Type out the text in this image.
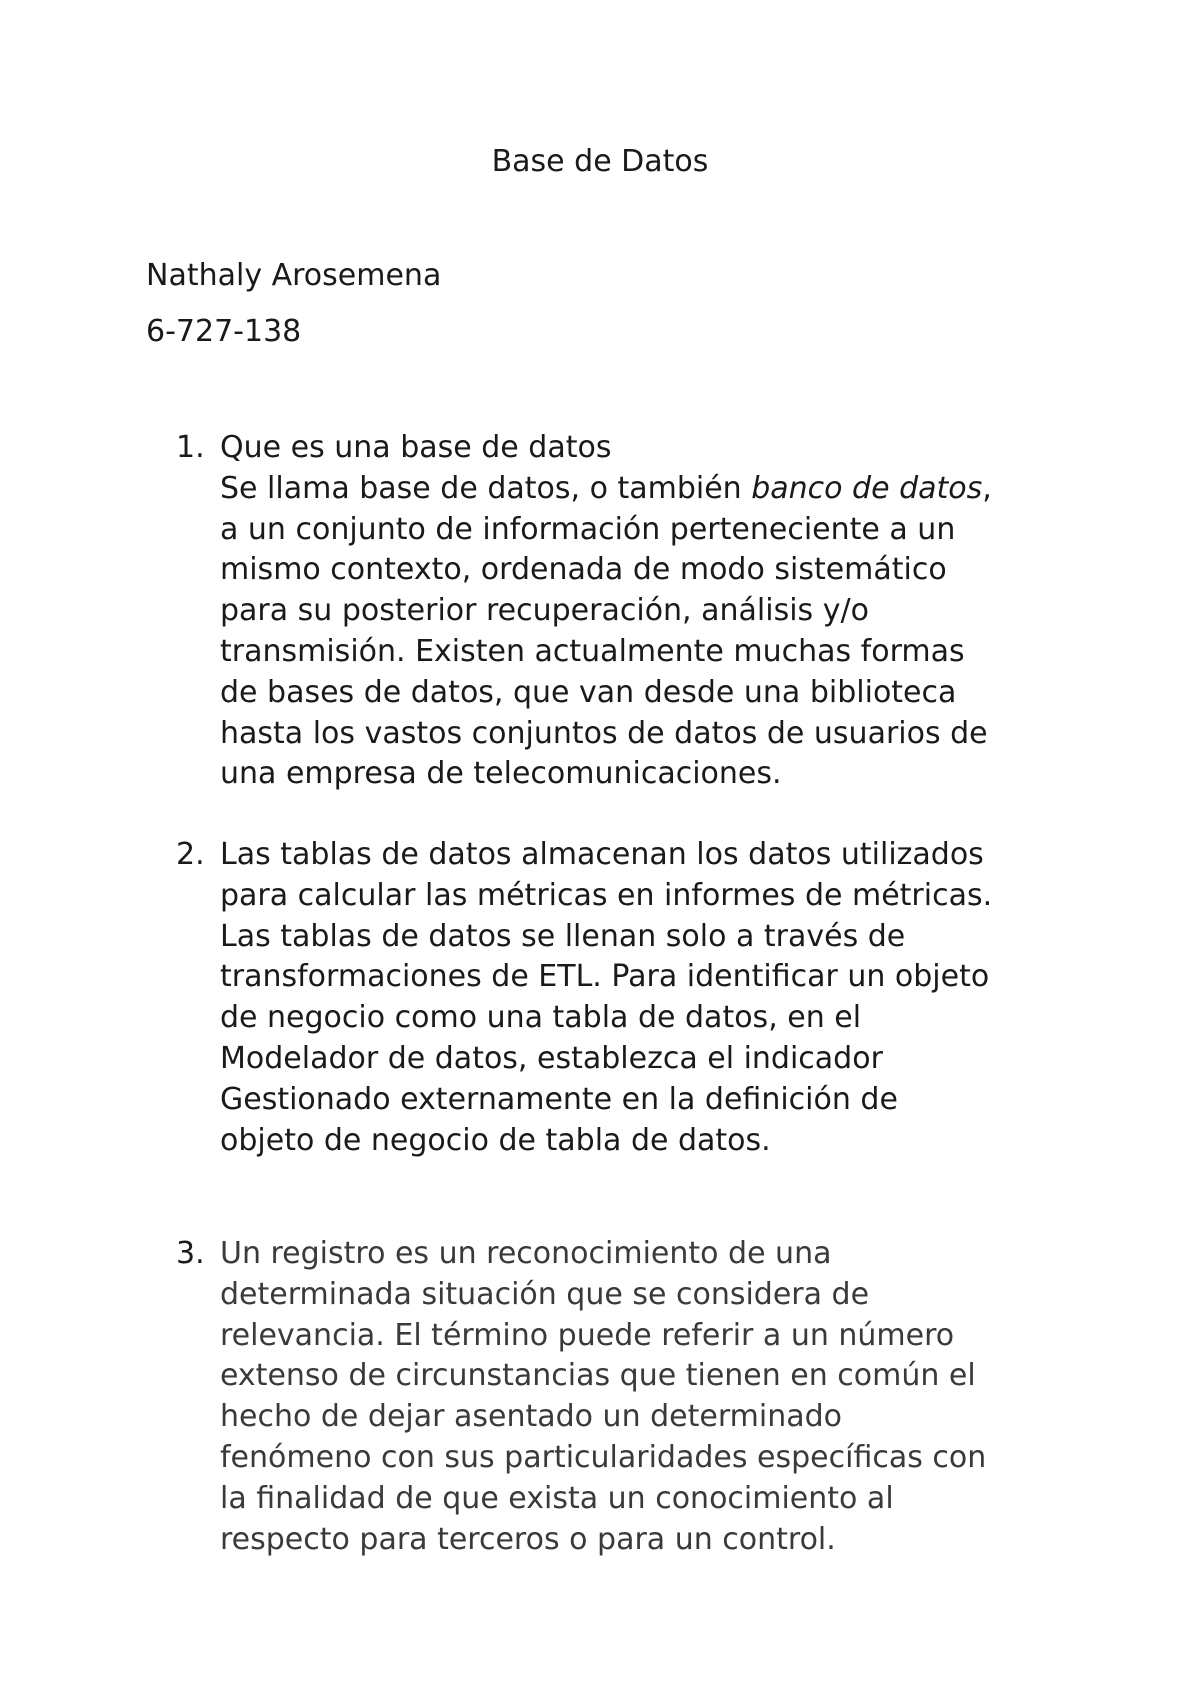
Base de Datos
Nathaly Arosemena
6-727-138
1. Que es una base de datos
Se llama base de datos, o también banco de datos,
a un conjunto de información perteneciente a un
mismo contexto, ordenada de modo sistemático
para su posterior recuperación, análisis y/o
transmisión. Existen actualmente muchas formas
de bases de datos, que van desde una biblioteca
hasta los vastos conjuntos de datos de usuarios de
una empresa de telecomunicaciones.
2. Las tablas de datos almacenan los datos utilizados
para calcular las métricas en informes de métricas.
Las tablas de datos se llenan solo a través de
transformaciones de ETL. Para identificar un objeto
de negocio como una tabla de datos, en el
Modelador de datos, establezca el indicador
Gestionado externamente en la definición de
objeto de negocio de tabla de datos.
3. Un registro es un reconocimiento de una
determinada situación que se considera de
relevancia. El término puede referir a un número
extenso de circunstancias que tienen en común el
hecho de dejar asentado un determinado
fenómeno con sus particularidades específicas con
la finalidad de que exista un conocimiento al
respecto para terceros o para un control.
